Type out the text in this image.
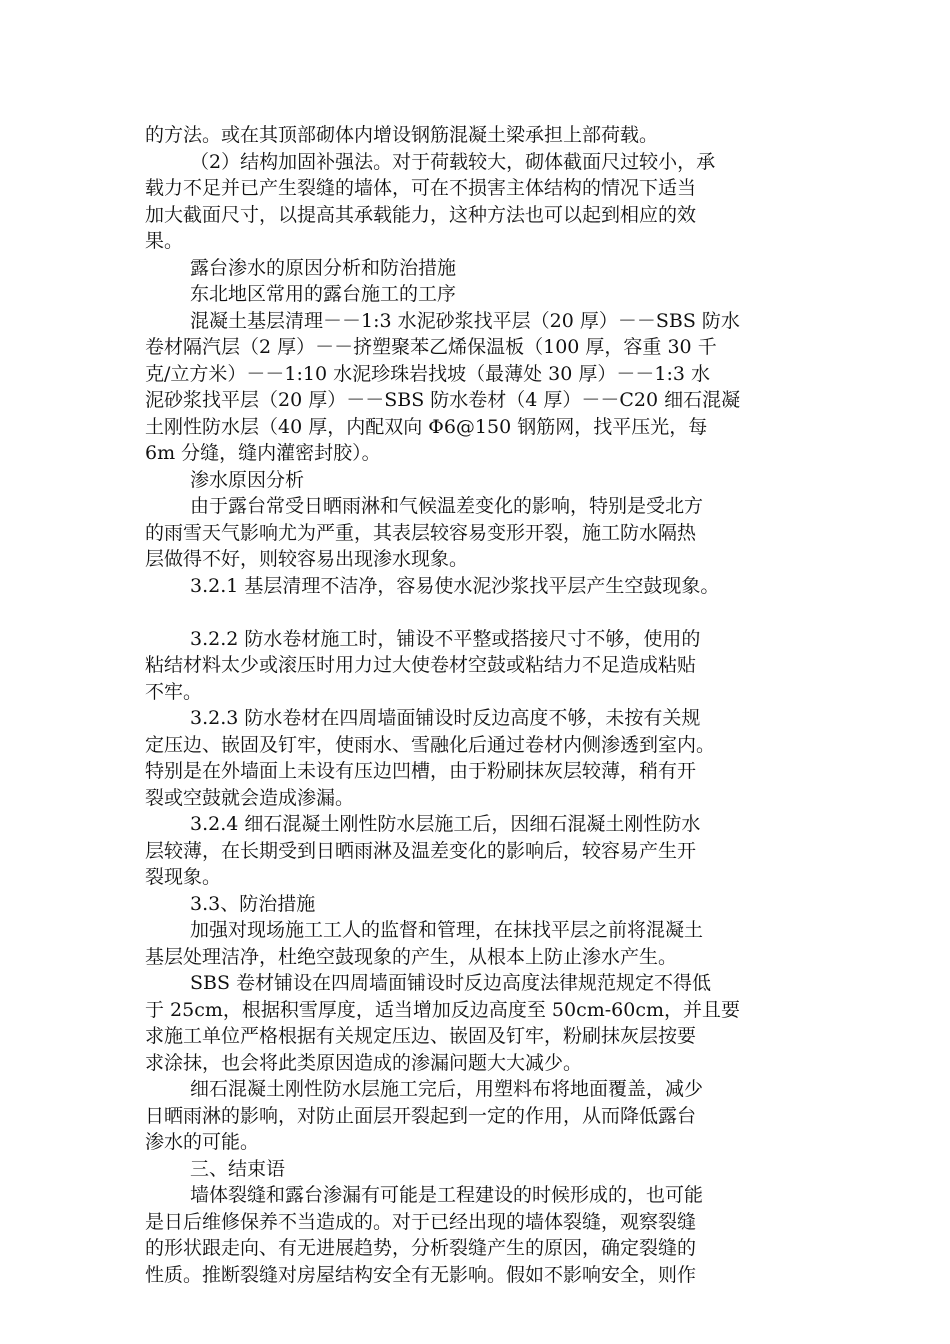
的方法。或在其顶部砌体内增设钢筋混凝土梁承担上部荷载。
（2）结构加固补强法。对于荷载较大，砌体截面尺过较小，承
载力不足并已产生裂缝的墙体，可在不损害主体结构的情况下适当
加大截面尺寸，以提高其承载能力，这种方法也可以起到相应的效
果。
露台渗水的原因分析和防治措施
东北地区常用的露台施工的工序
混凝土基层清理－－1:3 水泥砂浆找平层（20 厚）－－SBS 防水
卷材隔汽层（2 厚）－－挤塑聚苯乙烯保温板（100 厚，容重 30 千
克/立方米）－－1:10 水泥珍珠岩找坡（最薄处 30 厚）－－1:3 水
泥砂浆找平层（20 厚）－－SBS 防水卷材（4 厚）－－C20 细石混凝
土刚性防水层（40 厚，内配双向 Φ6@150 钢筋网，找平压光，每
6m 分缝，缝内灌密封胶）。
渗水原因分析
由于露台常受日晒雨淋和气候温差变化的影响，特别是受北方
的雨雪天气影响尤为严重，其表层较容易变形开裂，施工防水隔热
层做得不好，则较容易出现渗水现象。
3.2.1 基层清理不洁净，容易使水泥沙浆找平层产生空鼓现象。
3.2.2 防水卷材施工时，铺设不平整或搭接尺寸不够，使用的
粘结材料太少或滚压时用力过大使卷材空鼓或粘结力不足造成粘贴
不牢。
3.2.3 防水卷材在四周墙面铺设时反边高度不够，未按有关规
定压边、嵌固及钉牢，使雨水、雪融化后通过卷材内侧渗透到室内。
特别是在外墙面上未设有压边凹槽，由于粉刷抹灰层较薄，稍有开
裂或空鼓就会造成渗漏。
3.2.4 细石混凝土刚性防水层施工后，因细石混凝土刚性防水
层较薄，在长期受到日晒雨淋及温差变化的影响后，较容易产生开
裂现象。
3.3、防治措施
加强对现场施工工人的监督和管理，在抹找平层之前将混凝土
基层处理洁净，杜绝空鼓现象的产生，从根本上防止渗水产生。
SBS 卷材铺设在四周墙面铺设时反边高度法律规范规定不得低
于 25cm，根据积雪厚度，适当增加反边高度至 50cm-60cm，并且要
求施工单位严格根据有关规定压边、嵌固及钉牢，粉刷抹灰层按要
求涂抹，也会将此类原因造成的渗漏问题大大减少。
细石混凝土刚性防水层施工完后，用塑料布将地面覆盖，减少
日晒雨淋的影响，对防止面层开裂起到一定的作用，从而降低露台
渗水的可能。
三、结束语
墙体裂缝和露台渗漏有可能是工程建设的时候形成的，也可能
是日后维修保养不当造成的。对于已经出现的墙体裂缝，观察裂缝
的形状跟走向、有无进展趋势，分析裂缝产生的原因，确定裂缝的
性质。推断裂缝对房屋结构安全有无影响。假如不影响安全，则作
